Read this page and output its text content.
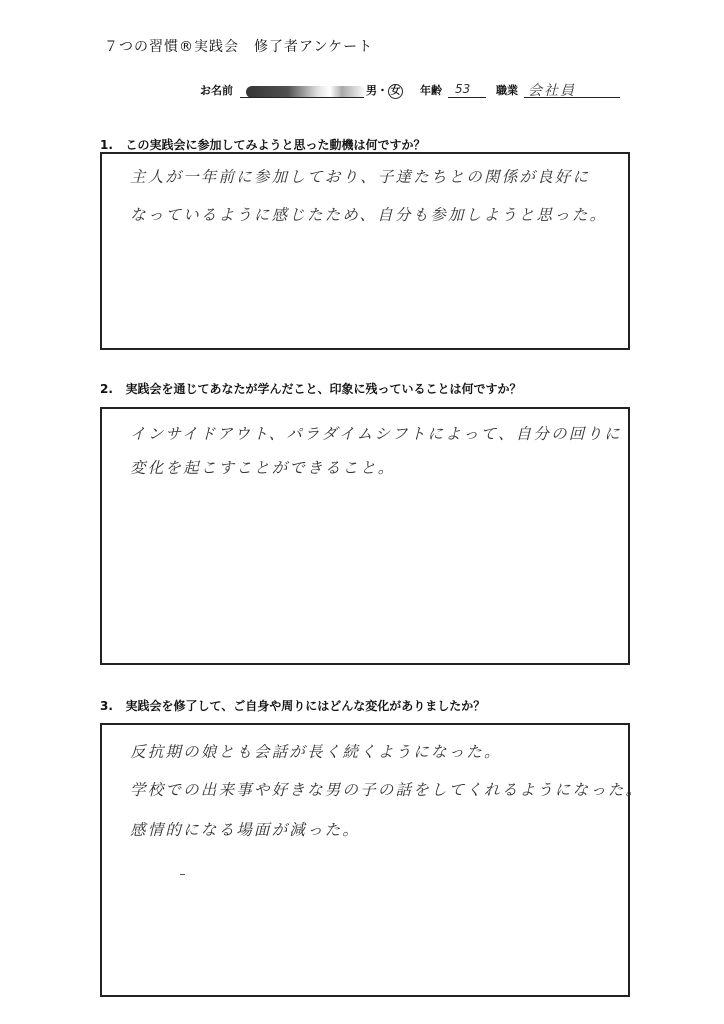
７つの習慣®実践会　修了者アンケート
お名前	男・ 女 年齢 53 職業 会社員
1. この実践会に参加してみようと思った動機は何ですか？
主人が一年前に参加しており、子達たちとの関係が良好に
なっているように感じたため、自分も参加しようと思った。
2. 実践会を通じてあなたが学んだこと、印象に残っていることは何ですか？
インサイドアウト、パラダイムシフトによって、自分の回りに
変化を起こすことができること。
3. 実践会を修了して、ご自身や周りにはどんな変化がありましたか？
反抗期の娘とも会話が長く続くようになった。
学校での出来事や好きな男の子の話をしてくれるようになった。
感情的になる場面が減った。
